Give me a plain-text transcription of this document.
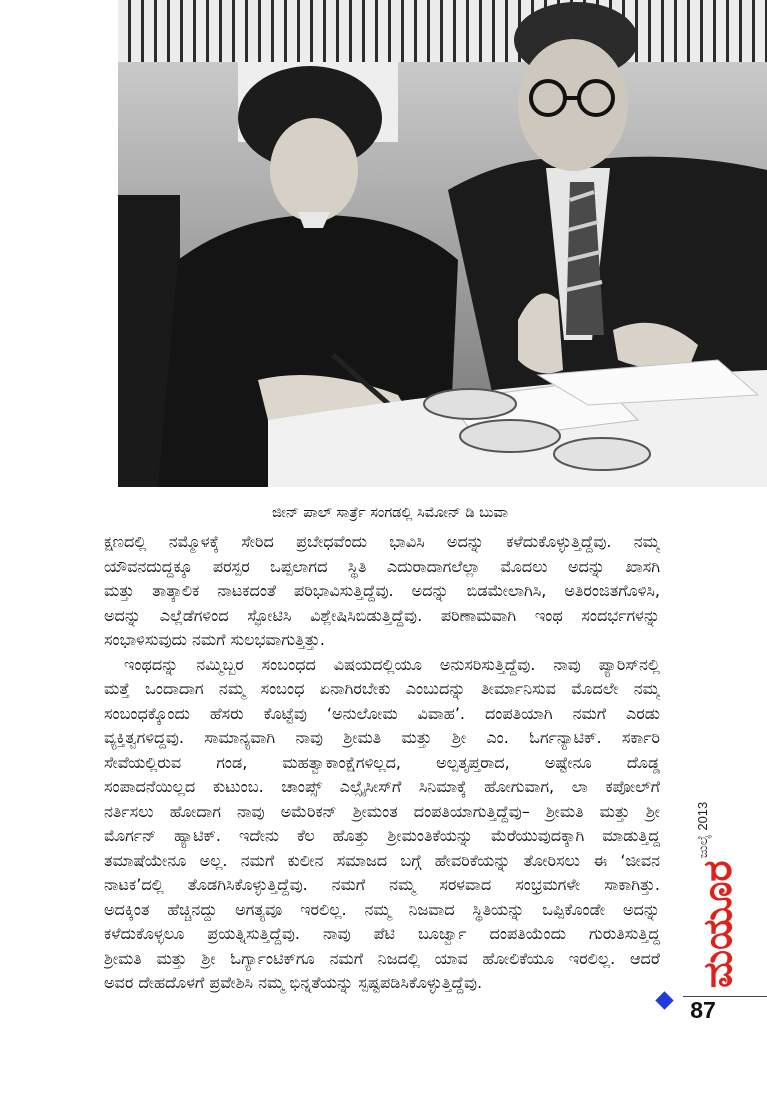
ಜೀನ್ ಪಾಲ್ ಸಾರ್ತ್ರೆ ಸಂಗಡಲ್ಲಿ ಸಿಮೋನ್ ಡಿ ಬುವಾ
ಕ್ಷಣದಲ್ಲಿ ನಮ್ಮೊಳಕ್ಕೆ ಸೇರಿದ ಪ್ರಬೇಧವೆಂದು ಭಾವಿಸಿ ಅದನ್ನು ಕಳೆದುಕೊಳ್ಳುತ್ತಿದ್ದೆವು. ನಮ್ಮ
ಯೌವನದುದ್ದಕ್ಕೂ ಪರಸ್ಪರ ಒಪ್ಪಲಾಗದ ಸ್ಥಿತಿ ಎದುರಾದಾಗಲೆಲ್ಲಾ ಮೊದಲು ಅದನ್ನು ಖಾಸಗಿ
ಮತ್ತು ತಾತ್ಕಾಲಿಕ ನಾಟಕದಂತೆ ಪರಿಭಾವಿಸುತ್ತಿದ್ದೆವು. ಅದನ್ನು ಬಿಡಮೇಲಾಗಿಸಿ, ಅತಿರಂಜಿತಗೊಳಿಸಿ,
ಅದನ್ನು ಎಲ್ಲೆಡೆಗಳಿಂದ ಸ್ಫೋಟಿಸಿ ವಿಶ್ಲೇಷಿಸಿಬಿಡುತ್ತಿದ್ದೆವು. ಪರಿಣಾಮವಾಗಿ ಇಂಥ ಸಂದರ್ಭಗಳನ್ನು
ಸಂಭಾಳಿಸುವುದು ನಮಗೆ ಸುಲಭವಾಗುತ್ತಿತ್ತು.
ಇಂಥದನ್ನು ನಮ್ಮಿಬ್ಬರ ಸಂಬಂಧದ ವಿಷಯದಲ್ಲಿಯೂ ಅನುಸರಿಸುತ್ತಿದ್ದೆವು. ನಾವು ಪ್ಯಾರಿಸ್‌ನಲ್ಲಿ
ಮತ್ತೆ ಒಂದಾದಾಗ ನಮ್ಮ ಸಂಬಂಧ ಏನಾಗಿರಬೇಕು ಎಂಬುದನ್ನು ತೀರ್ಮಾನಿಸುವ ಮೊದಲೇ ನಮ್ಮ
ಸಂಬಂಧಕ್ಕೊಂದು ಹೆಸರು ಕೊಟ್ಟೆವು ‘ಅನುಲೋಮ ವಿವಾಹ’. ದಂಪತಿಯಾಗಿ ನಮಗೆ ಎರಡು
ವ್ಯಕ್ತಿತ್ವಗಳಿದ್ದವು. ಸಾಮಾನ್ಯವಾಗಿ ನಾವು ಶ್ರೀಮತಿ ಮತ್ತು ಶ್ರೀ ಎಂ. ಓರ್ಗನ್ಯಾಟಿಕ್. ಸರ್ಕಾರಿ
ಸೇವೆಯಲ್ಲಿರುವ ಗಂಡ, ಮಹತ್ವಾಕಾಂಕ್ಷೆಗಳಿಲ್ಲದ, ಅಲ್ಪತೃಪ್ತರಾದ, ಅಷ್ಟೇನೂ ದೊಡ್ಡ
ಸಂಪಾದನೆಯಿಲ್ಲದ ಕುಟುಂಬ. ಚಾಂಪ್ಸ್ ಎಲ್ಸೈಸೀಸ್‌ಗೆ ಸಿನಿಮಾಕ್ಕೆ ಹೋಗುವಾಗ, ಲಾ ಕಪೋಲ್‌ಗೆ
ನರ್ತಿಸಲು ಹೋದಾಗ ನಾವು ಅಮೆರಿಕನ್ ಶ್ರೀಮಂತ ದಂಪತಿಯಾಗುತ್ತಿದ್ದೆವು– ಶ್ರೀಮತಿ ಮತ್ತು ಶ್ರೀ
ಮೊರ್ಗನ್ ಹ್ಯಾಟಿಕ್. ಇದೇನು ಕೆಲ ಹೊತ್ತು ಶ್ರೀಮಂತಿಕೆಯನ್ನು ಮೆರೆಯುವುದಕ್ಕಾಗಿ ಮಾಡುತ್ತಿದ್ದ
ತಮಾಷೆಯೇನೂ ಅಲ್ಲ. ನಮಗೆ ಕುಲೀನ ಸಮಾಜದ ಬಗ್ಗೆ ಹೇವರಿಕೆಯನ್ನು ತೋರಿಸಲು ಈ ‘ಜೀವನ
ನಾಟಕ’ದಲ್ಲಿ ತೊಡಗಿಸಿಕೊಳ್ಳುತ್ತಿದ್ದೆವು. ನಮಗೆ ನಮ್ಮ ಸರಳವಾದ ಸಂಭ್ರಮಗಳೇ ಸಾಕಾಗಿತ್ತು.
ಅದಕ್ಕಿಂತ ಹೆಚ್ಚಿನದ್ದು ಅಗತ್ಯವೂ ಇರಲಿಲ್ಲ. ನಮ್ಮ ನಿಜವಾದ ಸ್ಥಿತಿಯನ್ನು ಒಪ್ಪಿಕೊಂಡೇ ಅದನ್ನು
ಕಳೆದುಕೊಳ್ಳಲೂ ಪ್ರಯತ್ನಿಸುತ್ತಿದ್ದೆವು. ನಾವು ಪೆಟಿ ಬೂರ್ಜ್ವಾ ದಂಪತಿಯೆಂದು ಗುರುತಿಸುತ್ತಿದ್ದ
ಶ್ರೀಮತಿ ಮತ್ತು ಶ್ರೀ ಓರ್ಗ್ಯಾಂಟಿಕ್‌ಗೂ ನಮಗೆ ನಿಜದಲ್ಲಿ ಯಾವ ಹೋಲಿಕೆಯೂ ಇರಲಿಲ್ಲ. ಆದರೆ
ಅವರ ದೇಹದೊಳಗೆ ಪ್ರವೇಶಿಸಿ ನಮ್ಮ ಭಿನ್ನತೆಯನ್ನು ಸ್ಪಷ್ಟಪಡಿಸಿಕೊಳ್ಳುತ್ತಿದ್ದೆವು.
ಜುಲೈ 2013
ಮಯೂರ
87
